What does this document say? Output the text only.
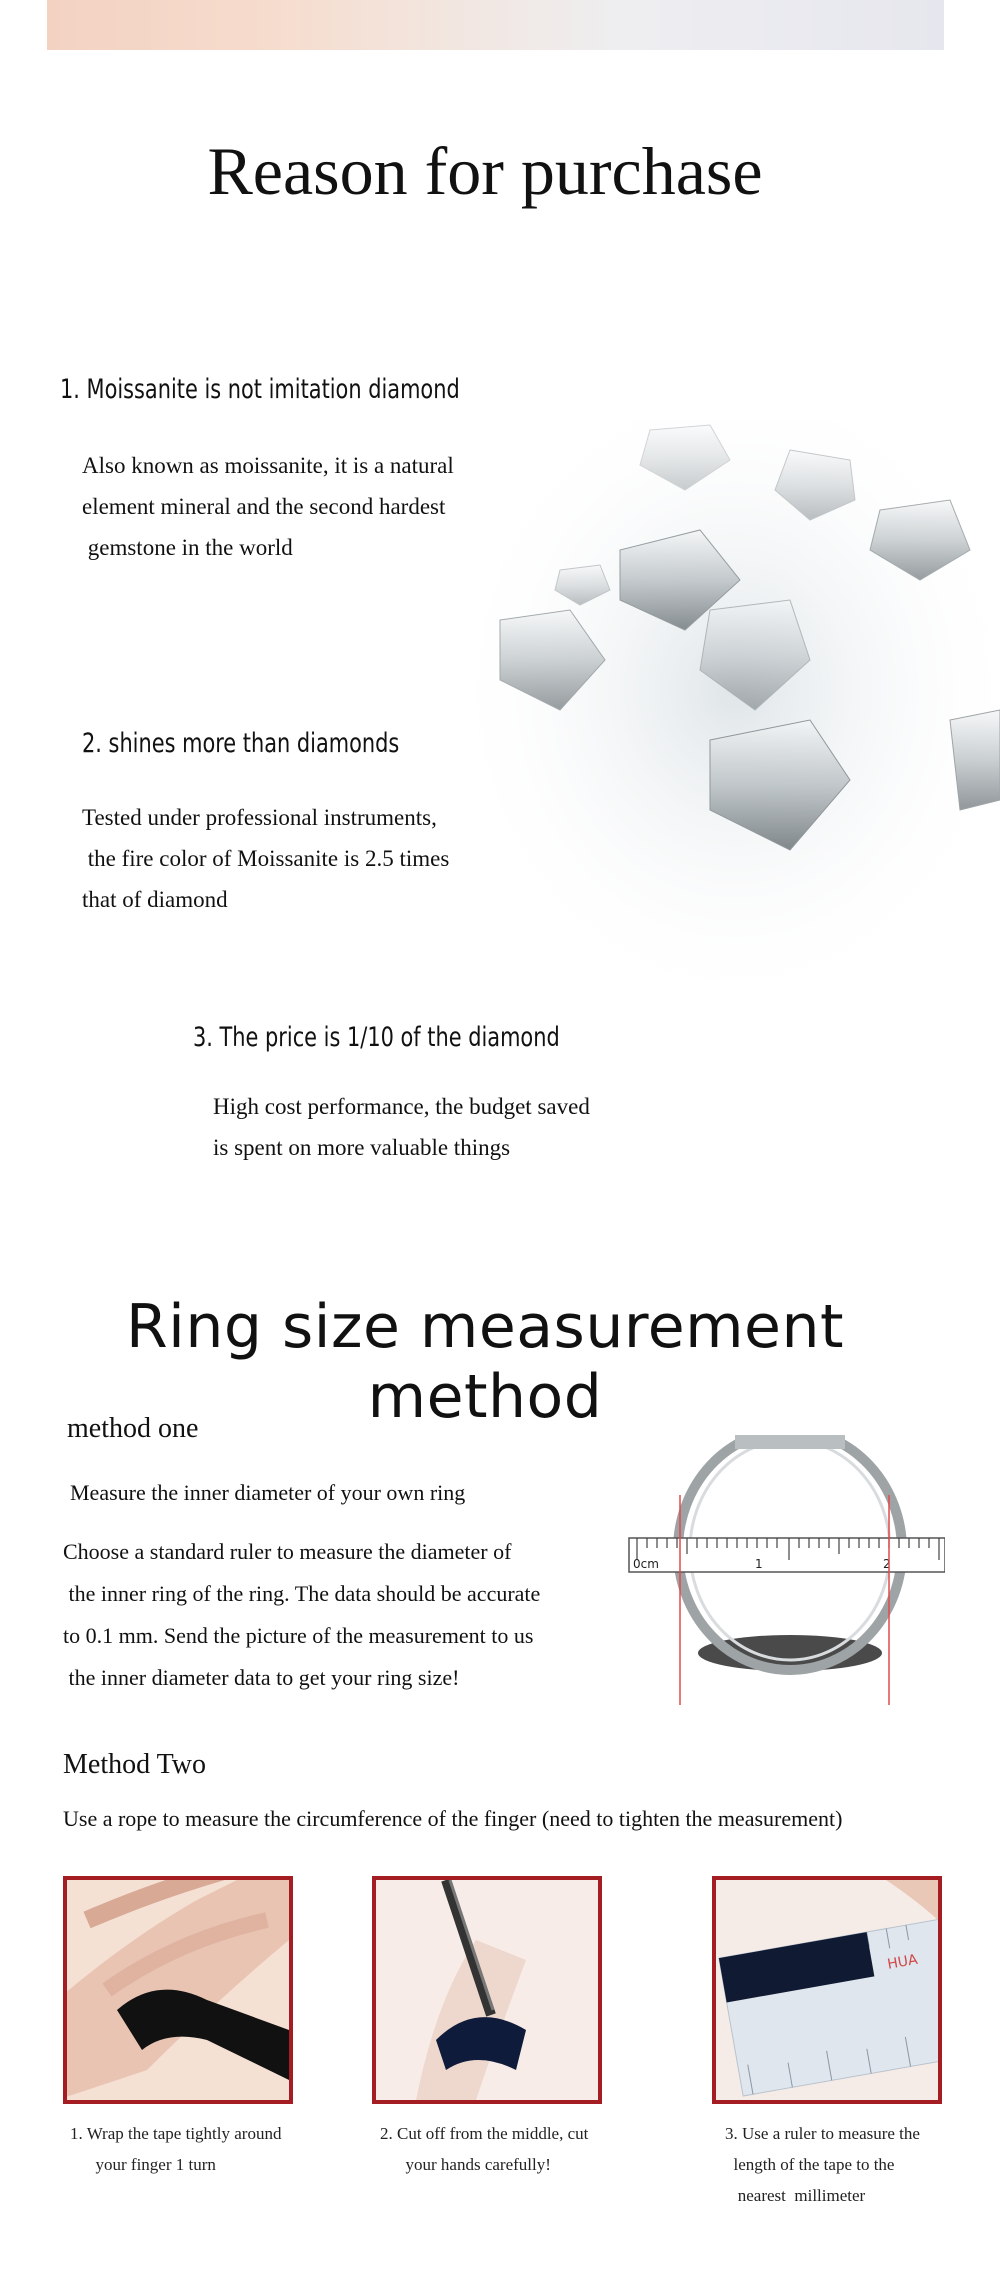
Reason for purchase
1. Moissanite is not imitation diamond
Also known as moissanite, it is a natural
element mineral and the second hardest
gemstone in the world
2. shines more than diamonds
Tested under professional instruments,
the fire color of Moissanite is 2.5 times
that of diamond
3. The price is 1/10 of the diamond
High cost performance, the budget saved
is spent on more valuable things
Ring size measurement method
method one
Measure the inner diameter of your own ring
Choose a standard ruler to measure the diameter of
the inner ring of the ring. The data should be accurate
to 0.1 mm. Send the picture of the measurement to us
the inner diameter data to get your ring size!
0cm	1	2
Method Two
Use a rope to measure the circumference of the finger (need to tighten the measurement)
HUA
1. Wrap the tape tightly around
your finger 1 turn
2. Cut off from the middle, cut
your hands carefully!
3. Use a ruler to measure the
length of the tape to the
nearest  millimeter
